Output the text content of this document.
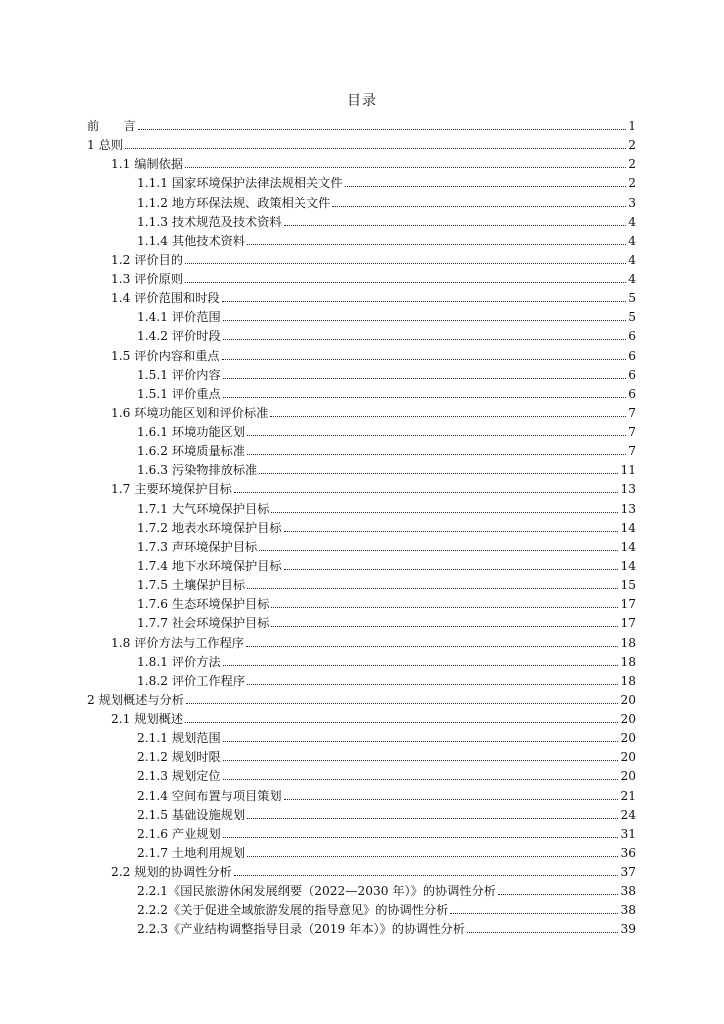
目录
前　　言	1
1 总则	2
1.1 编制依据	2
1.1.1 国家环境保护法律法规相关文件	2
1.1.2 地方环保法规、政策相关文件	3
1.1.3 技术规范及技术资料	4
1.1.4 其他技术资料	4
1.2 评价目的	4
1.3 评价原则	4
1.4 评价范围和时段	5
1.4.1 评价范围	5
1.4.2 评价时段	6
1.5 评价内容和重点	6
1.5.1 评价内容	6
1.5.1 评价重点	6
1.6 环境功能区划和评价标准	7
1.6.1 环境功能区划	7
1.6.2 环境质量标准	7
1.6.3 污染物排放标准	11
1.7 主要环境保护目标	13
1.7.1 大气环境保护目标	13
1.7.2 地表水环境保护目标	14
1.7.3 声环境保护目标	14
1.7.4 地下水环境保护目标	14
1.7.5 土壤保护目标	15
1.7.6 生态环境保护目标	17
1.7.7 社会环境保护目标	17
1.8 评价方法与工作程序	18
1.8.1 评价方法	18
1.8.2 评价工作程序	18
2 规划概述与分析	20
2.1 规划概述	20
2.1.1 规划范围	20
2.1.2 规划时限	20
2.1.3 规划定位	20
2.1.4 空间布置与项目策划	21
2.1.5 基础设施规划	24
2.1.6 产业规划	31
2.1.7 土地利用规划	36
2.2 规划的协调性分析	37
2.2.1《国民旅游休闲发展纲要（2022—2030 年）》的协调性分析	38
2.2.2《关于促进全域旅游发展的指导意见》的协调性分析	38
2.2.3《产业结构调整指导目录（2019 年本）》的协调性分析	39
